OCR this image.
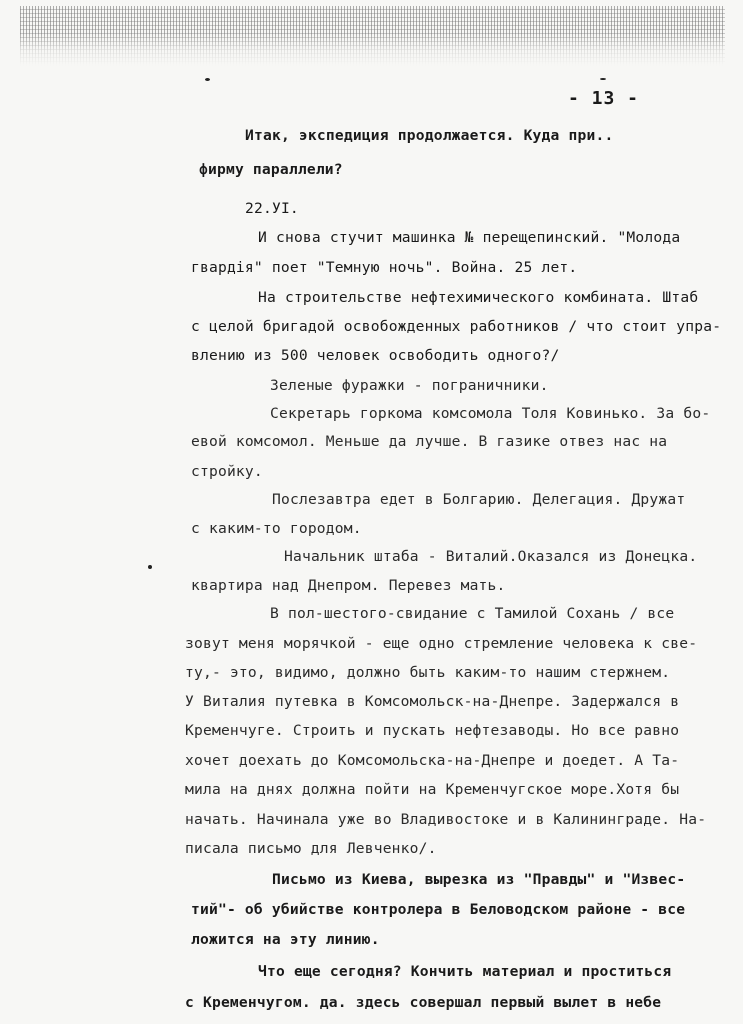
- 13 -
Итак, экспедиция продолжается. Куда при..
фирму параллели?
22.УI.
И снова стучит машинка № перещепинский. "Молода
гвардія" поет "Темную ночь". Война. 25 лет.
На строительстве нефтехимического комбината. Штаб
с целой бригадой освобожденных работников / что стоит упра-
влению из 500 человек освободить одного?/
Зеленые фуражки - пограничники.
Секретарь горкома комсомола Толя Ковинько. За бо-
евой комсомол. Меньше да лучше. В газике отвез нас на
стройку.
Послезавтра едет в Болгарию. Делегация. Дружат
с каким-то городом.
Начальник штаба - Виталий.Оказался из Донецка.
квартира над Днепром. Перевез мать.
В пол-шестого-свидание с Тамилой Сохань / все
зовут меня морячкой - еще одно стремление человека к све-
ту,- это, видимо, должно быть каким-то нашим стержнем.
У Виталия путевка в Комсомольск-на-Днепре. Задержался в
Кременчуге. Строить и пускать нефтезаводы. Но все равно
хочет доехать до Комсомольска-на-Днепре и доедет. А Та-
мила на днях должна пойти на Кременчугское море.Хотя бы
начать. Начинала уже во Владивостоке и в Калининграде. На-
писала письмо для Левченко/.
Письмо из Киева, вырезка из "Правды" и "Извес-
тий"- об убийстве контролера в Беловодском районе - все
ложится на эту линию.
Что еще сегодня? Кончить материал и проститься
с Кременчугом. да. здесь совершал первый вылет в небе
